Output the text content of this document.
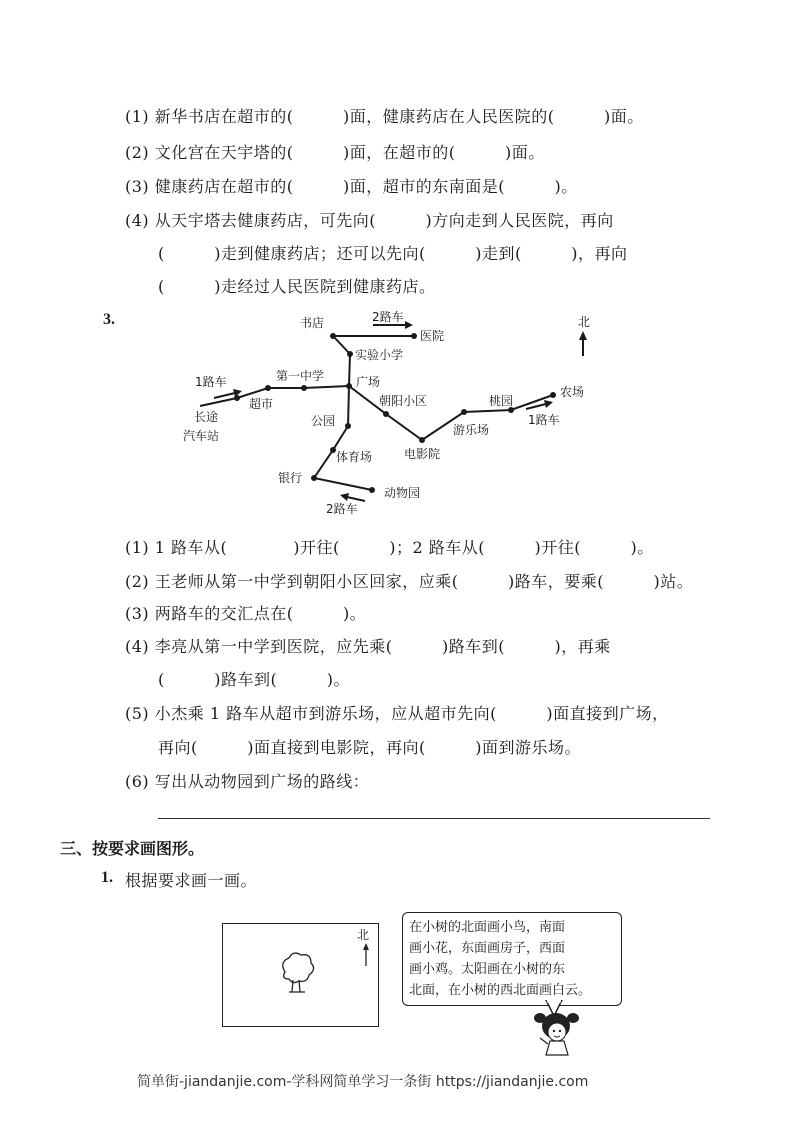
(1) 新华书店在超市的(　　　)面，健康药店在人民医院的(　　　)面。
(2) 文化宫在天宇塔的(　　　)面，在超市的(　　　)面。
(3) 健康药店在超市的(　　　)面，超市的东南面是(　　　)。
(4) 从天宇塔去健康药店，可先向(　　　)方向走到人民医院，再向
(　　　)走到健康药店；还可以先向(　　　)走到(　　　)，再向
(　　　)走经过人民医院到健康药店。
3.	北
书店	2路车
医院
实验小学
第一中学	广场
1路车
超市
长途
汽车站
朝阳小区	桃园
农场
1路车
公园
游乐场
体育场	电影院
银行
动物园
2路车
(1) 1 路车从(　　　　)开往(　　　)；2 路车从(　　　)开往(　　　)。
(2) 王老师从第一中学到朝阳小区回家，应乘(　　　)路车，要乘(　　　)站。
(3) 两路车的交汇点在(　　　)。
(4) 李亮从第一中学到医院，应先乘(　　　)路车到(　　　)，再乘
(　　　)路车到(　　　)。
(5) 小杰乘 1 路车从超市到游乐场，应从超市先向(　　　)面直接到广场，
再向(　　　)面直接到电影院，再向(　　　)面到游乐场。
(6) 写出从动物园到广场的路线：
三、按要求画图形。
1. 根据要求画一画。
北	在小树的北面画小鸟，南面
画小花，东面画房子，西面
画小鸡。太阳画在小树的东
北面，在小树的西北面画白云。
简单街-jiandanjie.com-学科网简单学习一条街 https://jiandanjie.com
